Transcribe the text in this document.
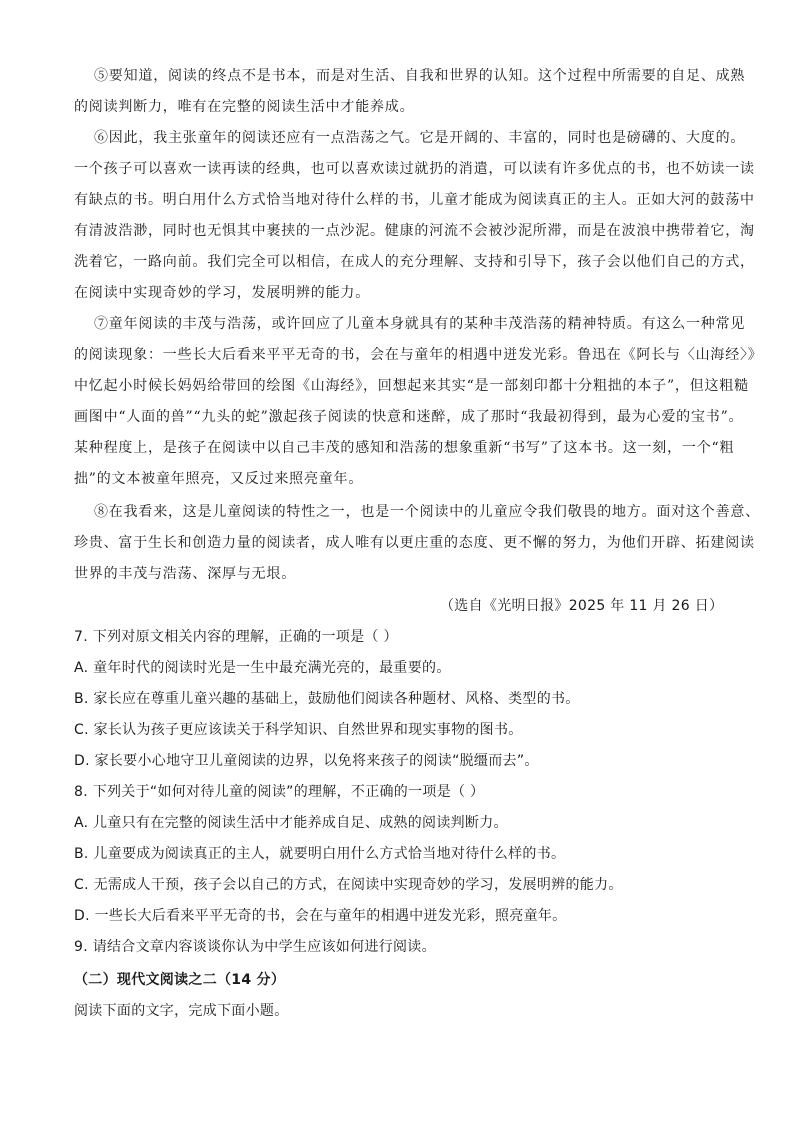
⑤要知道，阅读的终点不是书本，而是对生活、自我和世界的认知。这个过程中所需要的自足、成熟
的阅读判断力，唯有在完整的阅读生活中才能养成。
⑥因此，我主张童年的阅读还应有一点浩荡之气。它是开阔的、丰富的，同时也是磅礴的、大度的。
一个孩子可以喜欢一读再读的经典，也可以喜欢读过就扔的消遣，可以读有许多优点的书，也不妨读一读
有缺点的书。明白用什么方式恰当地对待什么样的书，儿童才能成为阅读真正的主人。正如大河的鼓荡中
有清波浩渺，同时也无惧其中裹挟的一点沙泥。健康的河流不会被沙泥所滞，而是在波浪中携带着它，淘
洗着它，一路向前。我们完全可以相信，在成人的充分理解、支持和引导下，孩子会以他们自己的方式，
在阅读中实现奇妙的学习，发展明辨的能力。
⑦童年阅读的丰茂与浩荡，或许回应了儿童本身就具有的某种丰茂浩荡的精神特质。有这么一种常见
的阅读现象：一些长大后看来平平无奇的书，会在与童年的相遇中迸发光彩。鲁迅在《阿长与〈山海经〉》
中忆起小时候长妈妈给带回的绘图《山海经》，回想起来其实“是一部刻印都十分粗拙的本子”，但这粗糙
画图中“人面的兽”“九头的蛇”激起孩子阅读的快意和迷醉，成了那时“我最初得到，最为心爱的宝书”。
某种程度上，是孩子在阅读中以自己丰茂的感知和浩荡的想象重新“书写”了这本书。这一刻，一个“粗
拙”的文本被童年照亮，又反过来照亮童年。
⑧在我看来，这是儿童阅读的特性之一，也是一个阅读中的儿童应令我们敬畏的地方。面对这个善意、
珍贵、富于生长和创造力量的阅读者，成人唯有以更庄重的态度、更不懈的努力，为他们开辟、拓建阅读
世界的丰茂与浩荡、深厚与无垠。
（选自《光明日报》2025 年 11 月 26 日）
7. 下列对原文相关内容的理解，正确的一项是（ ）
A. 童年时代的阅读时光是一生中最充满光亮的，最重要的。
B. 家长应在尊重儿童兴趣的基础上，鼓励他们阅读各种题材、风格、类型的书。
C. 家长认为孩子更应该读关于科学知识、自然世界和现实事物的图书。
D. 家长要小心地守卫儿童阅读的边界，以免将来孩子的阅读“脱缰而去”。
8. 下列关于“如何对待儿童的阅读”的理解，不正确的一项是（ ）
A. 儿童只有在完整的阅读生活中才能养成自足、成熟的阅读判断力。
B. 儿童要成为阅读真正的主人，就要明白用什么方式恰当地对待什么样的书。
C. 无需成人干预，孩子会以自己的方式，在阅读中实现奇妙的学习，发展明辨的能力。
D. 一些长大后看来平平无奇的书，会在与童年的相遇中迸发光彩，照亮童年。
9. 请结合文章内容谈谈你认为中学生应该如何进行阅读。
（二）现代文阅读之二（14 分）
阅读下面的文字，完成下面小题。
